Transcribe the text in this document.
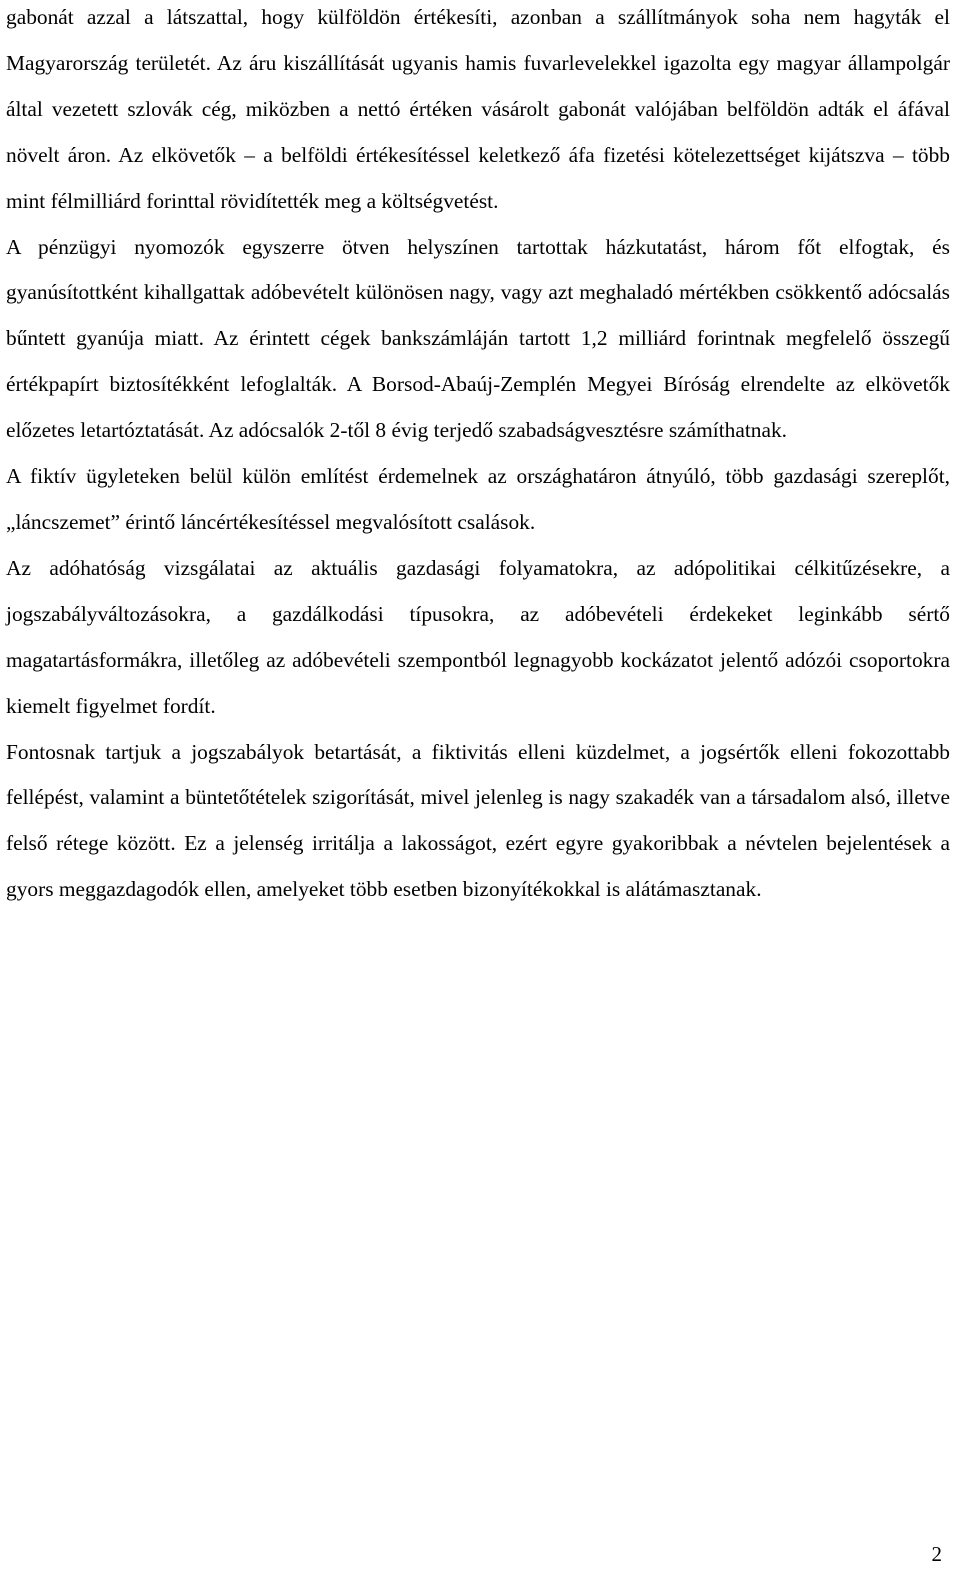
gabonát azzal a látszattal, hogy külföldön értékesíti, azonban a szállítmányok soha nem hagyták el Magyarország területét. Az áru kiszállítását ugyanis hamis fuvarlevelekkel igazolta egy magyar állampolgár által vezetett szlovák cég, miközben a nettó értéken vásárolt gabonát valójában belföldön adták el áfával növelt áron. Az elkövetők – a belföldi értékesítéssel keletkező áfa fizetési kötelezettséget kijátszva – több mint félmilliárd forinttal rövidítették meg a költségvetést.

A pénzügyi nyomozók egyszerre ötven helyszínen tartottak házkutatást, három főt elfogtak, és gyanúsítottként kihallgattak adóbevételt különösen nagy, vagy azt meghaladó mértékben csökkentő adócsalás bűntett gyanúja miatt. Az érintett cégek bankszámláján tartott 1,2 milliárd forintnak megfelelő összegű értékpapírt biztosítékként lefoglalták. A Borsod-Abaúj-Zemplén Megyei Bíróság elrendelte az elkövetők előzetes letartóztatását. Az adócsalók 2-től 8 évig terjedő szabadságvesztésre számíthatnak.

A fiktív ügyleteken belül külön említést érdemelnek az országhatáron átnyúló, több gazdasági szereplőt, „láncszemet” érintő láncértékesítéssel megvalósított csalások.

Az adóhatóság vizsgálatai az aktuális gazdasági folyamatokra, az adópolitikai célkitűzésekre, a jogszabályváltozásokra, a gazdálkodási típusokra, az adóbevételi érdekeket leginkább sértő magatartásformákra, illetőleg az adóbevételi szempontból legnagyobb kockázatot jelentő adózói csoportokra kiemelt figyelmet fordít.

Fontosnak tartjuk a jogszabályok betartását, a fiktivitás elleni küzdelmet, a jogsértők elleni fokozottabb fellépést, valamint a büntetőtételek szigorítását, mivel jelenleg is nagy szakadék van a társadalom alsó, illetve felső rétege között. Ez a jelenség irritálja a lakosságot, ezért egyre gyakoribbak a névtelen bejelentések a gyors meggazdagodók ellen, amelyeket több esetben bizonyítékokkal is alátámasztanak.

2
